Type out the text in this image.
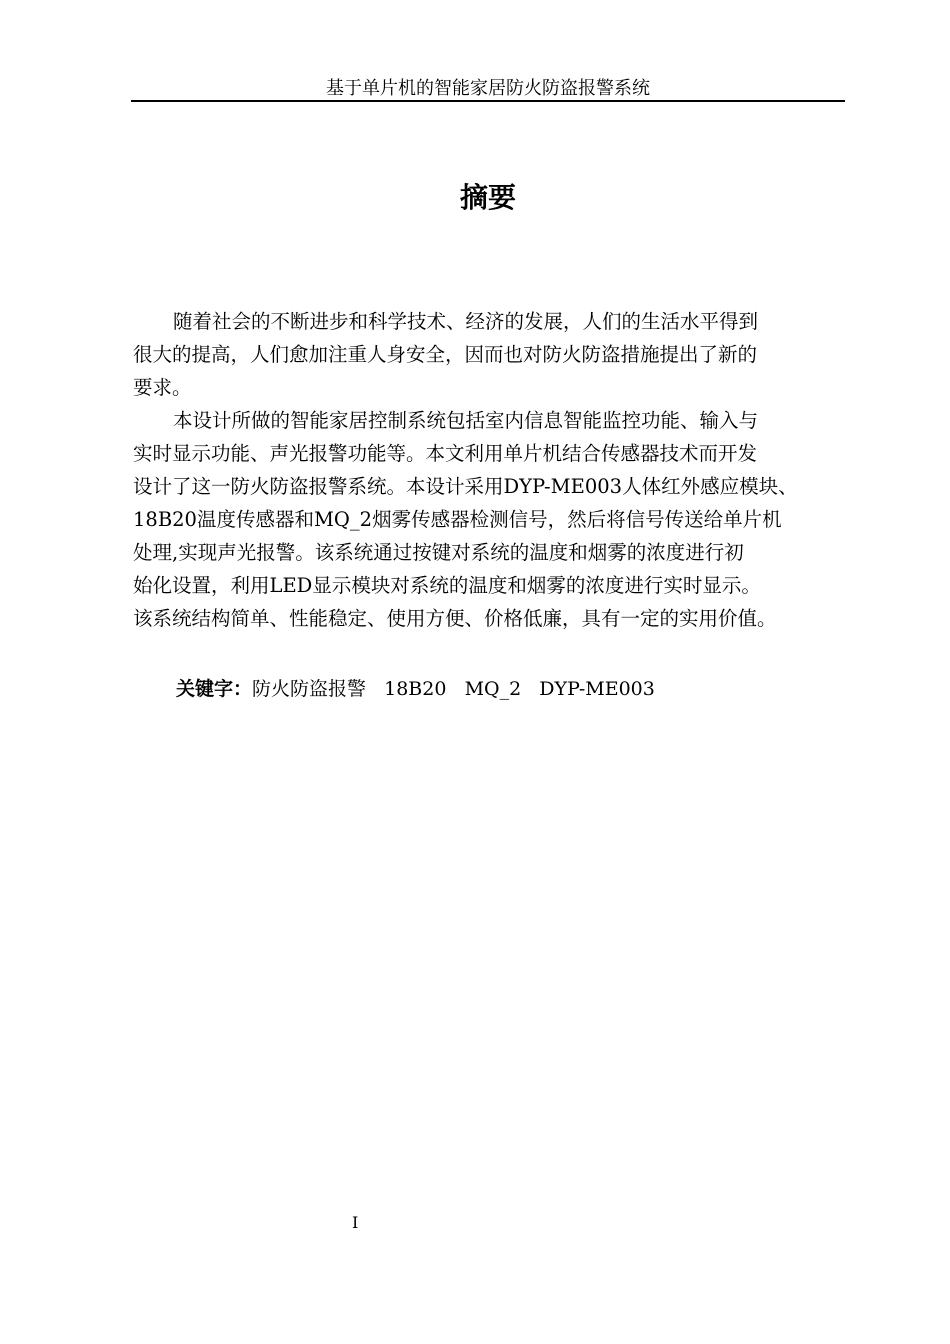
基于单片机的智能家居防火防盗报警系统
摘要
随着社会的不断进步和科学技术、经济的发展，人们的生活水平得到
很大的提高，人们愈加注重人身安全，因而也对防火防盗措施提出了新的
要求。
本设计所做的智能家居控制系统包括室内信息智能监控功能、输入与
实时显示功能、声光报警功能等。本文利用单片机结合传感器技术而开发
设计了这一防火防盗报警系统。本设计采用DYP-ME003人体红外感应模块、
18B20温度传感器和MQ_2烟雾传感器检测信号，然后将信号传送给单片机
处理,实现声光报警。该系统通过按键对系统的温度和烟雾的浓度进行初
始化设置，利用LED显示模块对系统的温度和烟雾的浓度进行实时显示。
该系统结构简单、性能稳定、使用方便、价格低廉，具有一定的实用价值。
关键字：防火防盗报警   18B20   MQ_2   DYP-ME003
I
